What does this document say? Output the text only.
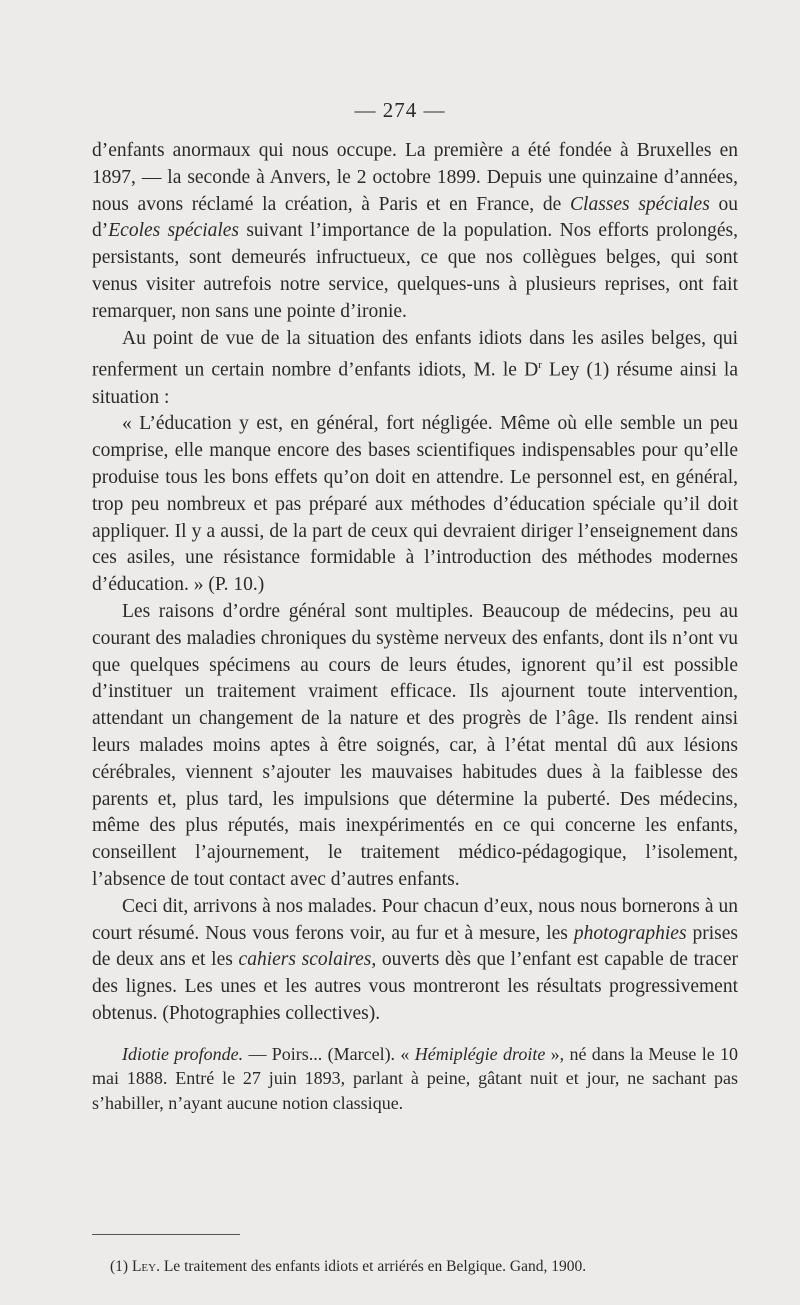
— 274 —

d’enfants anormaux qui nous occupe. La première a été fondée à Bruxelles en 1897, — la seconde à Anvers, le 2 octobre 1899. Depuis une quinzaine d’années, nous avons réclamé la création, à Paris et en France, de Classes spéciales ou d’Ecoles spéciales suivant l’importance de la population. Nos efforts prolongés, persistants, sont demeurés infructueux, ce que nos collègues belges, qui sont venus visiter autrefois notre service, quelques-uns à plusieurs reprises, ont fait remarquer, non sans une pointe d’ironie.

Au point de vue de la situation des enfants idiots dans les asiles belges, qui renferment un certain nombre d’enfants idiots, M. le $D^r$ Ley (1) résume ainsi la situation :

« L’éducation y est, en général, fort négligée. Même où elle semble un peu comprise, elle manque encore des bases scientifiques indispensables pour qu’elle produise tous les bons effets qu’on doit en attendre. Le personnel est, en général, trop peu nombreux et pas préparé aux méthodes d’éducation spéciale qu’il doit appliquer. Il y a aussi, de la part de ceux qui devraient diriger l’enseignement dans ces asiles, une résistance formidable à l’introduction des méthodes modernes d’éducation. » (P. 10.)

Les raisons d’ordre général sont multiples. Beaucoup de médecins, peu au courant des maladies chroniques du système nerveux des enfants, dont ils n’ont vu que quelques spécimens au cours de leurs études, ignorent qu’il est possible d’instituer un traitement vraiment efficace. Ils ajournent toute intervention, attendant un changement de la nature et des progrès de l’âge. Ils rendent ainsi leurs malades moins aptes à être soignés, car, à l’état mental dû aux lésions cérébrales, viennent s’ajouter les mauvaises habitudes dues à la faiblesse des parents et, plus tard, les impulsions que détermine la puberté. Des médecins, même des plus réputés, mais inexpérimentés en ce qui concerne les enfants, conseillent l’ajournement, le traitement médico-pédagogique, l’isolement, l’absence de tout contact avec d’autres enfants.

Ceci dit, arrivons à nos malades. Pour chacun d’eux, nous nous bornerons à un court résumé. Nous vous ferons voir, au fur et à mesure, les photographies prises de deux ans et les cahiers scolaires, ouverts dès que l’enfant est capable de tracer des lignes. Les unes et les autres vous montreront les résultats progressivement obtenus. (Photographies collectives).

Idiotie profonde. — Poirs... (Marcel). « Hémiplégie droite », né dans la Meuse le 10 mai 1888. Entré le 27 juin 1893, parlant à peine, gâtant nuit et jour, ne sachant pas s’habiller, n’ayant aucune notion classique.

(1) Ley. Le traitement des enfants idiots et arriérés en Belgique. Gand, 1900.
